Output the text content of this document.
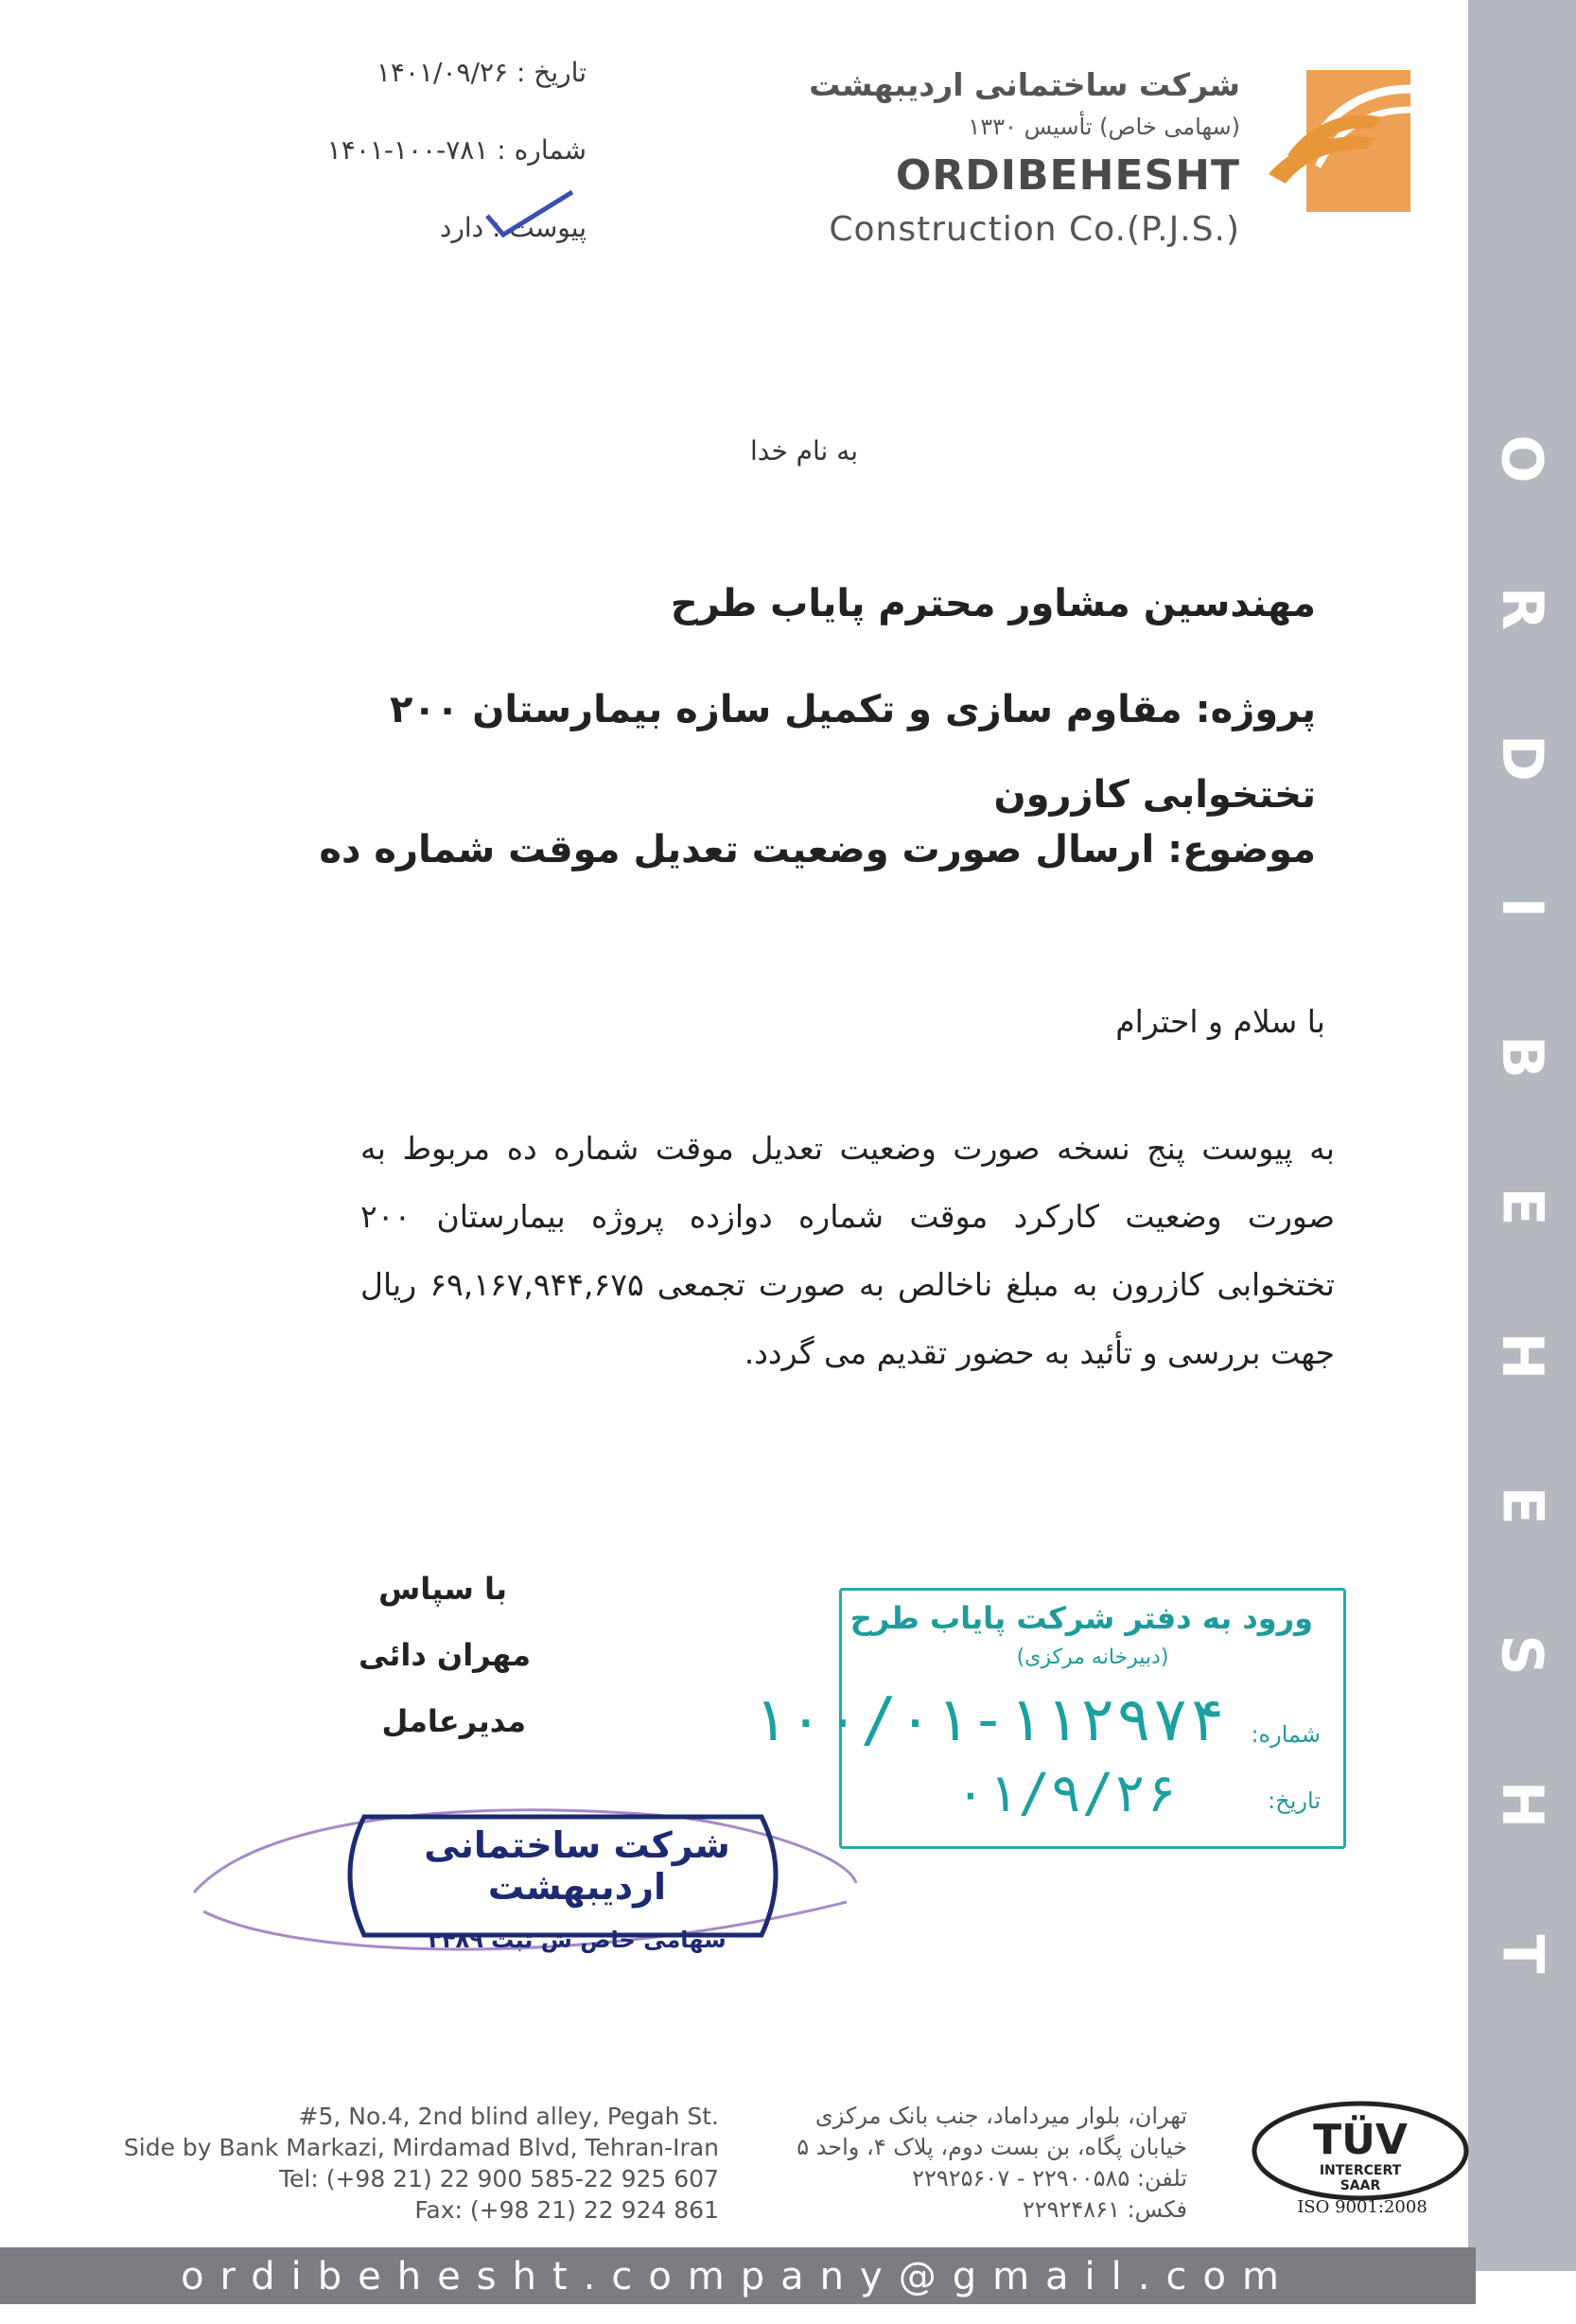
O
R
D
I
B
E
H
E
S
H
T
شرکت ساختمانی اردیبهشت
(سهامی خاص) تأسیس ۱۳۳۰
ORDIBEHESHT
Construction Co.(P.J.S.)
تاریخ : ۱۴۰۱/۰۹/۲۶
شماره : ۷۸۱-۱۰۰-۱۴۰۱
پیوست : دارد
به نام خدا
مهندسین مشاور محترم پایاب طرح
پروژه: مقاوم سازی و تکمیل سازه بیمارستان ۲۰۰ تختخوابی کازرون
موضوع: ارسال صورت وضعیت تعدیل موقت شماره ده
با سلام و احترام
به پیوست پنج نسخه صورت وضعیت تعدیل موقت شماره ده مربوط به صورت وضعیت کارکرد موقت شماره دوازده پروژه بیمارستان ۲۰۰ تختخوابی کازرون به مبلغ ناخالص به صورت تجمعی ۶۹,۱۶۷,۹۴۴,۶۷۵ ریال جهت بررسی و تأئید به حضور تقدیم می گردد.
با سپاس
مهران دائی
مدیرعامل
شرکت ساختمانی اردیبهشت
سهامی خاص ش ثبت ۳۴۸۹
ورود به دفتر شرکت پایاب طرح
(دبیرخانه مرکزی)
شماره:
۱۰۰/۰۱-۱۱۲۹۷۴
تاریخ:
۰۱/۹/۲۶
#5, No.4, 2nd blind alley, Pegah St.
Side by Bank Markazi, Mirdamad Blvd, Tehran-Iran
Tel: (+98 21) 22 900 585-22 925 607
Fax: (+98 21) 22 924 861
تهران، بلوار میرداماد، جنب بانک مرکزی
خیابان پگاه، بن بست دوم، پلاک ۴، واحد ۵
تلفن: ۲۲۹۰۰۵۸۵ - ۲۲۹۲۵۶۰۷
فکس: ۲۲۹۲۴۸۶۱
TÜV
INTERCERT
SAAR
ISO 9001:2008
ordibehesht.company@gmail.com
